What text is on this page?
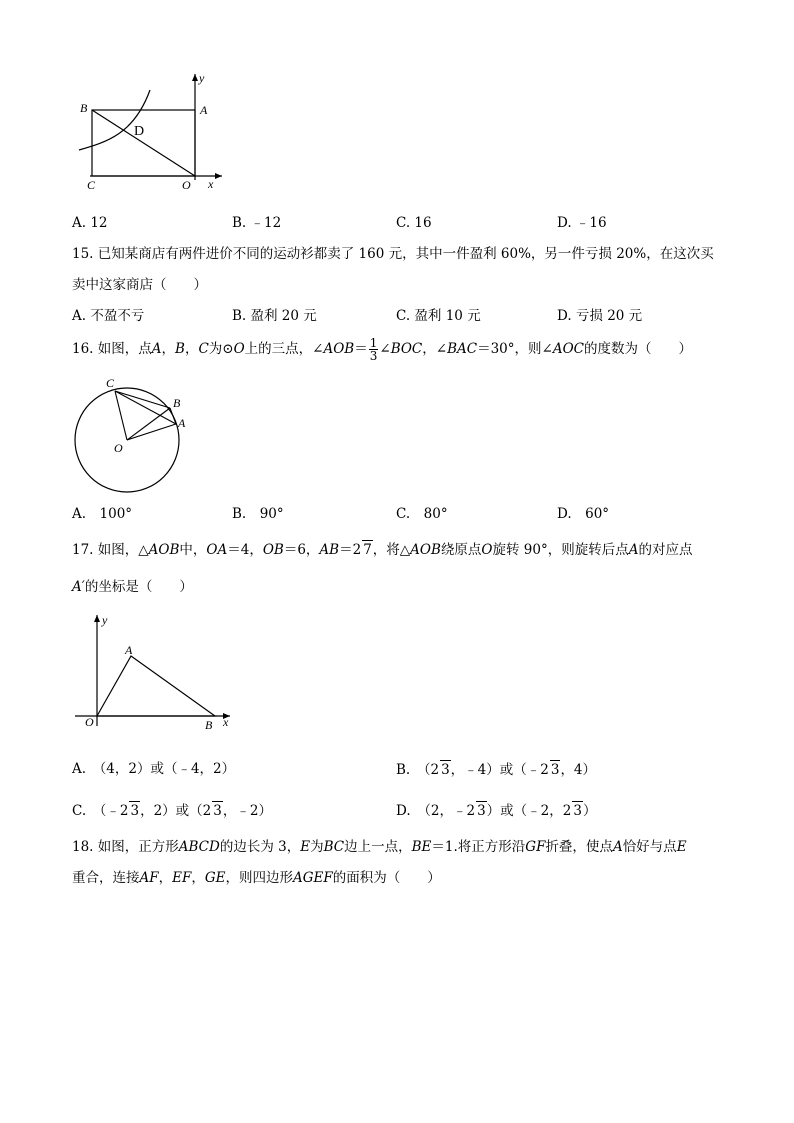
B	A
D
C	O x
y
A. 12	B. ﹣12	C. 16	D. ﹣16
15. 已知某商店有两件进价不同的运动衫都卖了 160 元，其中一件盈利 60%，另一件亏损 20%，在这次买
卖中这家商店（　　）
A. 不盈不亏	B. 盈利 20 元	C. 盈利 10 元	D. 亏损 20 元
16. 如图，点A，B，C为⊙O上的三点，∠AOB＝ $\frac{1}{3}$ ∠BOC，∠BAC＝30°，则∠AOC的度数为（　　）
C
B
A
O
A.　100°	B.　90°	C.　80°	D.　60°
17. 如图，△AOB中，OA＝4，OB＝6，AB＝2 7，将△AOB绕原点O旋转 90°，则旋转后点A的对应点
A′的坐标是（　　）
A
O	B x
y
A.　（4，2）或（﹣4，2）	B.　（2 3，﹣4）或（﹣2 3，4）
C.　（﹣2 3，2）或（2 3，﹣2）	D.　（2，﹣2 3）或（﹣2，2 3）
18. 如图，正方形ABCD的边长为 3，E为BC边上一点，BE＝1.将正方形沿GF折叠，使点A恰好与点E
重合，连接AF，EF，GE，则四边形AGEF的面积为（　　）
